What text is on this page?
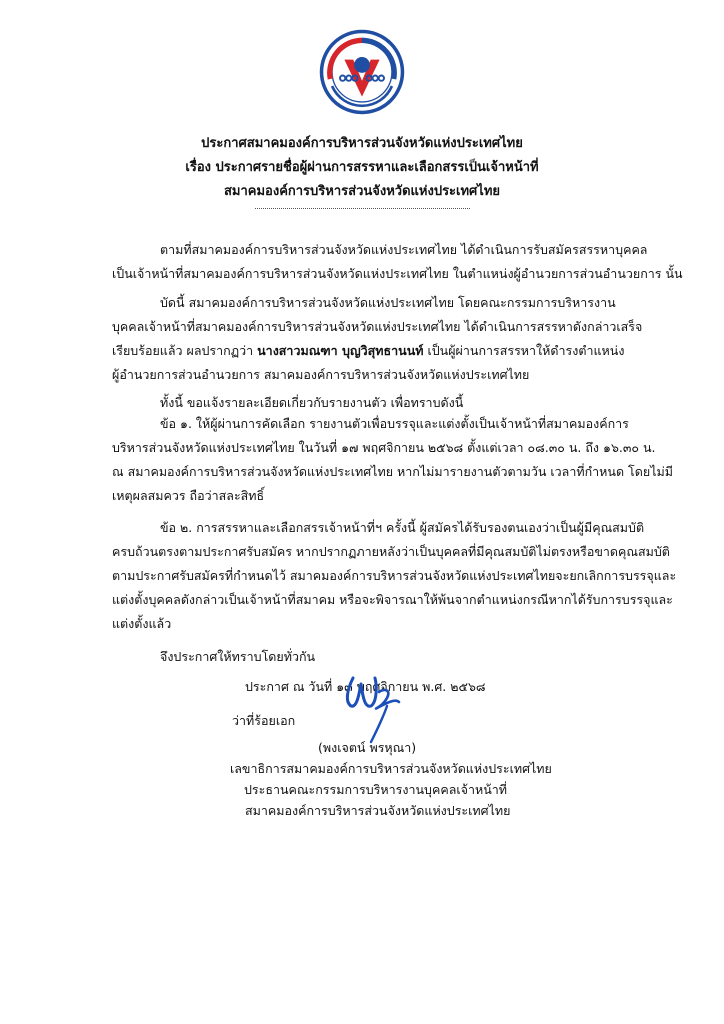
ประกาศสมาคมองค์การบริหารส่วนจังหวัดแห่งประเทศไทย
เรื่อง ประกาศรายชื่อผู้ผ่านการสรรหาและเลือกสรรเป็นเจ้าหน้าที่
สมาคมองค์การบริหารส่วนจังหวัดแห่งประเทศไทย
ตามที่สมาคมองค์การบริหารส่วนจังหวัดแห่งประเทศไทย ได้ดำเนินการรับสมัครสรรหาบุคคล
เป็นเจ้าหน้าที่สมาคมองค์การบริหารส่วนจังหวัดแห่งประเทศไทย ในตำแหน่งผู้อำนวยการส่วนอำนวยการ นั้น
บัดนี้ สมาคมองค์การบริหารส่วนจังหวัดแห่งประเทศไทย โดยคณะกรรมการบริหารงาน
บุคคลเจ้าหน้าที่สมาคมองค์การบริหารส่วนจังหวัดแห่งประเทศไทย ได้ดำเนินการสรรหาดังกล่าวเสร็จ
เรียบร้อยแล้ว ผลปรากฏว่า นางสาวมณฑา บุญวิสุทธานนท์ เป็นผู้ผ่านการสรรหาให้ดำรงตำแหน่ง
ผู้อำนวยการส่วนอำนวยการ สมาคมองค์การบริหารส่วนจังหวัดแห่งประเทศไทย
ทั้งนี้ ขอแจ้งรายละเอียดเกี่ยวกับรายงานตัว เพื่อทราบดังนี้
ข้อ ๑. ให้ผู้ผ่านการคัดเลือก รายงานตัวเพื่อบรรจุและแต่งตั้งเป็นเจ้าหน้าที่สมาคมองค์การ
บริหารส่วนจังหวัดแห่งประเทศไทย ในวันที่ ๑๗ พฤศจิกายน ๒๕๖๘ ตั้งแต่เวลา ๐๘.๓๐ น. ถึง ๑๖.๓๐ น.
ณ สมาคมองค์การบริหารส่วนจังหวัดแห่งประเทศไทย หากไม่มารายงานตัวตามวัน เวลาที่กำหนด โดยไม่มี
เหตุผลสมควร ถือว่าสละสิทธิ์
ข้อ ๒. การสรรหาและเลือกสรรเจ้าหน้าที่ฯ ครั้งนี้ ผู้สมัครได้รับรองตนเองว่าเป็นผู้มีคุณสมบัติ
ครบถ้วนตรงตามประกาศรับสมัคร หากปรากฏภายหลังว่าเป็นบุคคลที่มีคุณสมบัติไม่ตรงหรือขาดคุณสมบัติ
ตามประกาศรับสมัครที่กำหนดไว้ สมาคมองค์การบริหารส่วนจังหวัดแห่งประเทศไทยจะยกเลิกการบรรจุและ
แต่งตั้งบุคคลดังกล่าวเป็นเจ้าหน้าที่สมาคม หรือจะพิจารณาให้พ้นจากตำแหน่งกรณีหากได้รับการบรรจุและ
แต่งตั้งแล้ว
จึงประกาศให้ทราบโดยทั่วกัน
ประกาศ ณ วันที่ ๑๓ พฤศจิกายน พ.ศ. ๒๕๖๘
ว่าที่ร้อยเอก
(พงเจตน์ พรหุณา)
เลขาธิการสมาคมองค์การบริหารส่วนจังหวัดแห่งประเทศไทย
ประธานคณะกรรมการบริหารงานบุคคลเจ้าหน้าที่
สมาคมองค์การบริหารส่วนจังหวัดแห่งประเทศไทย
